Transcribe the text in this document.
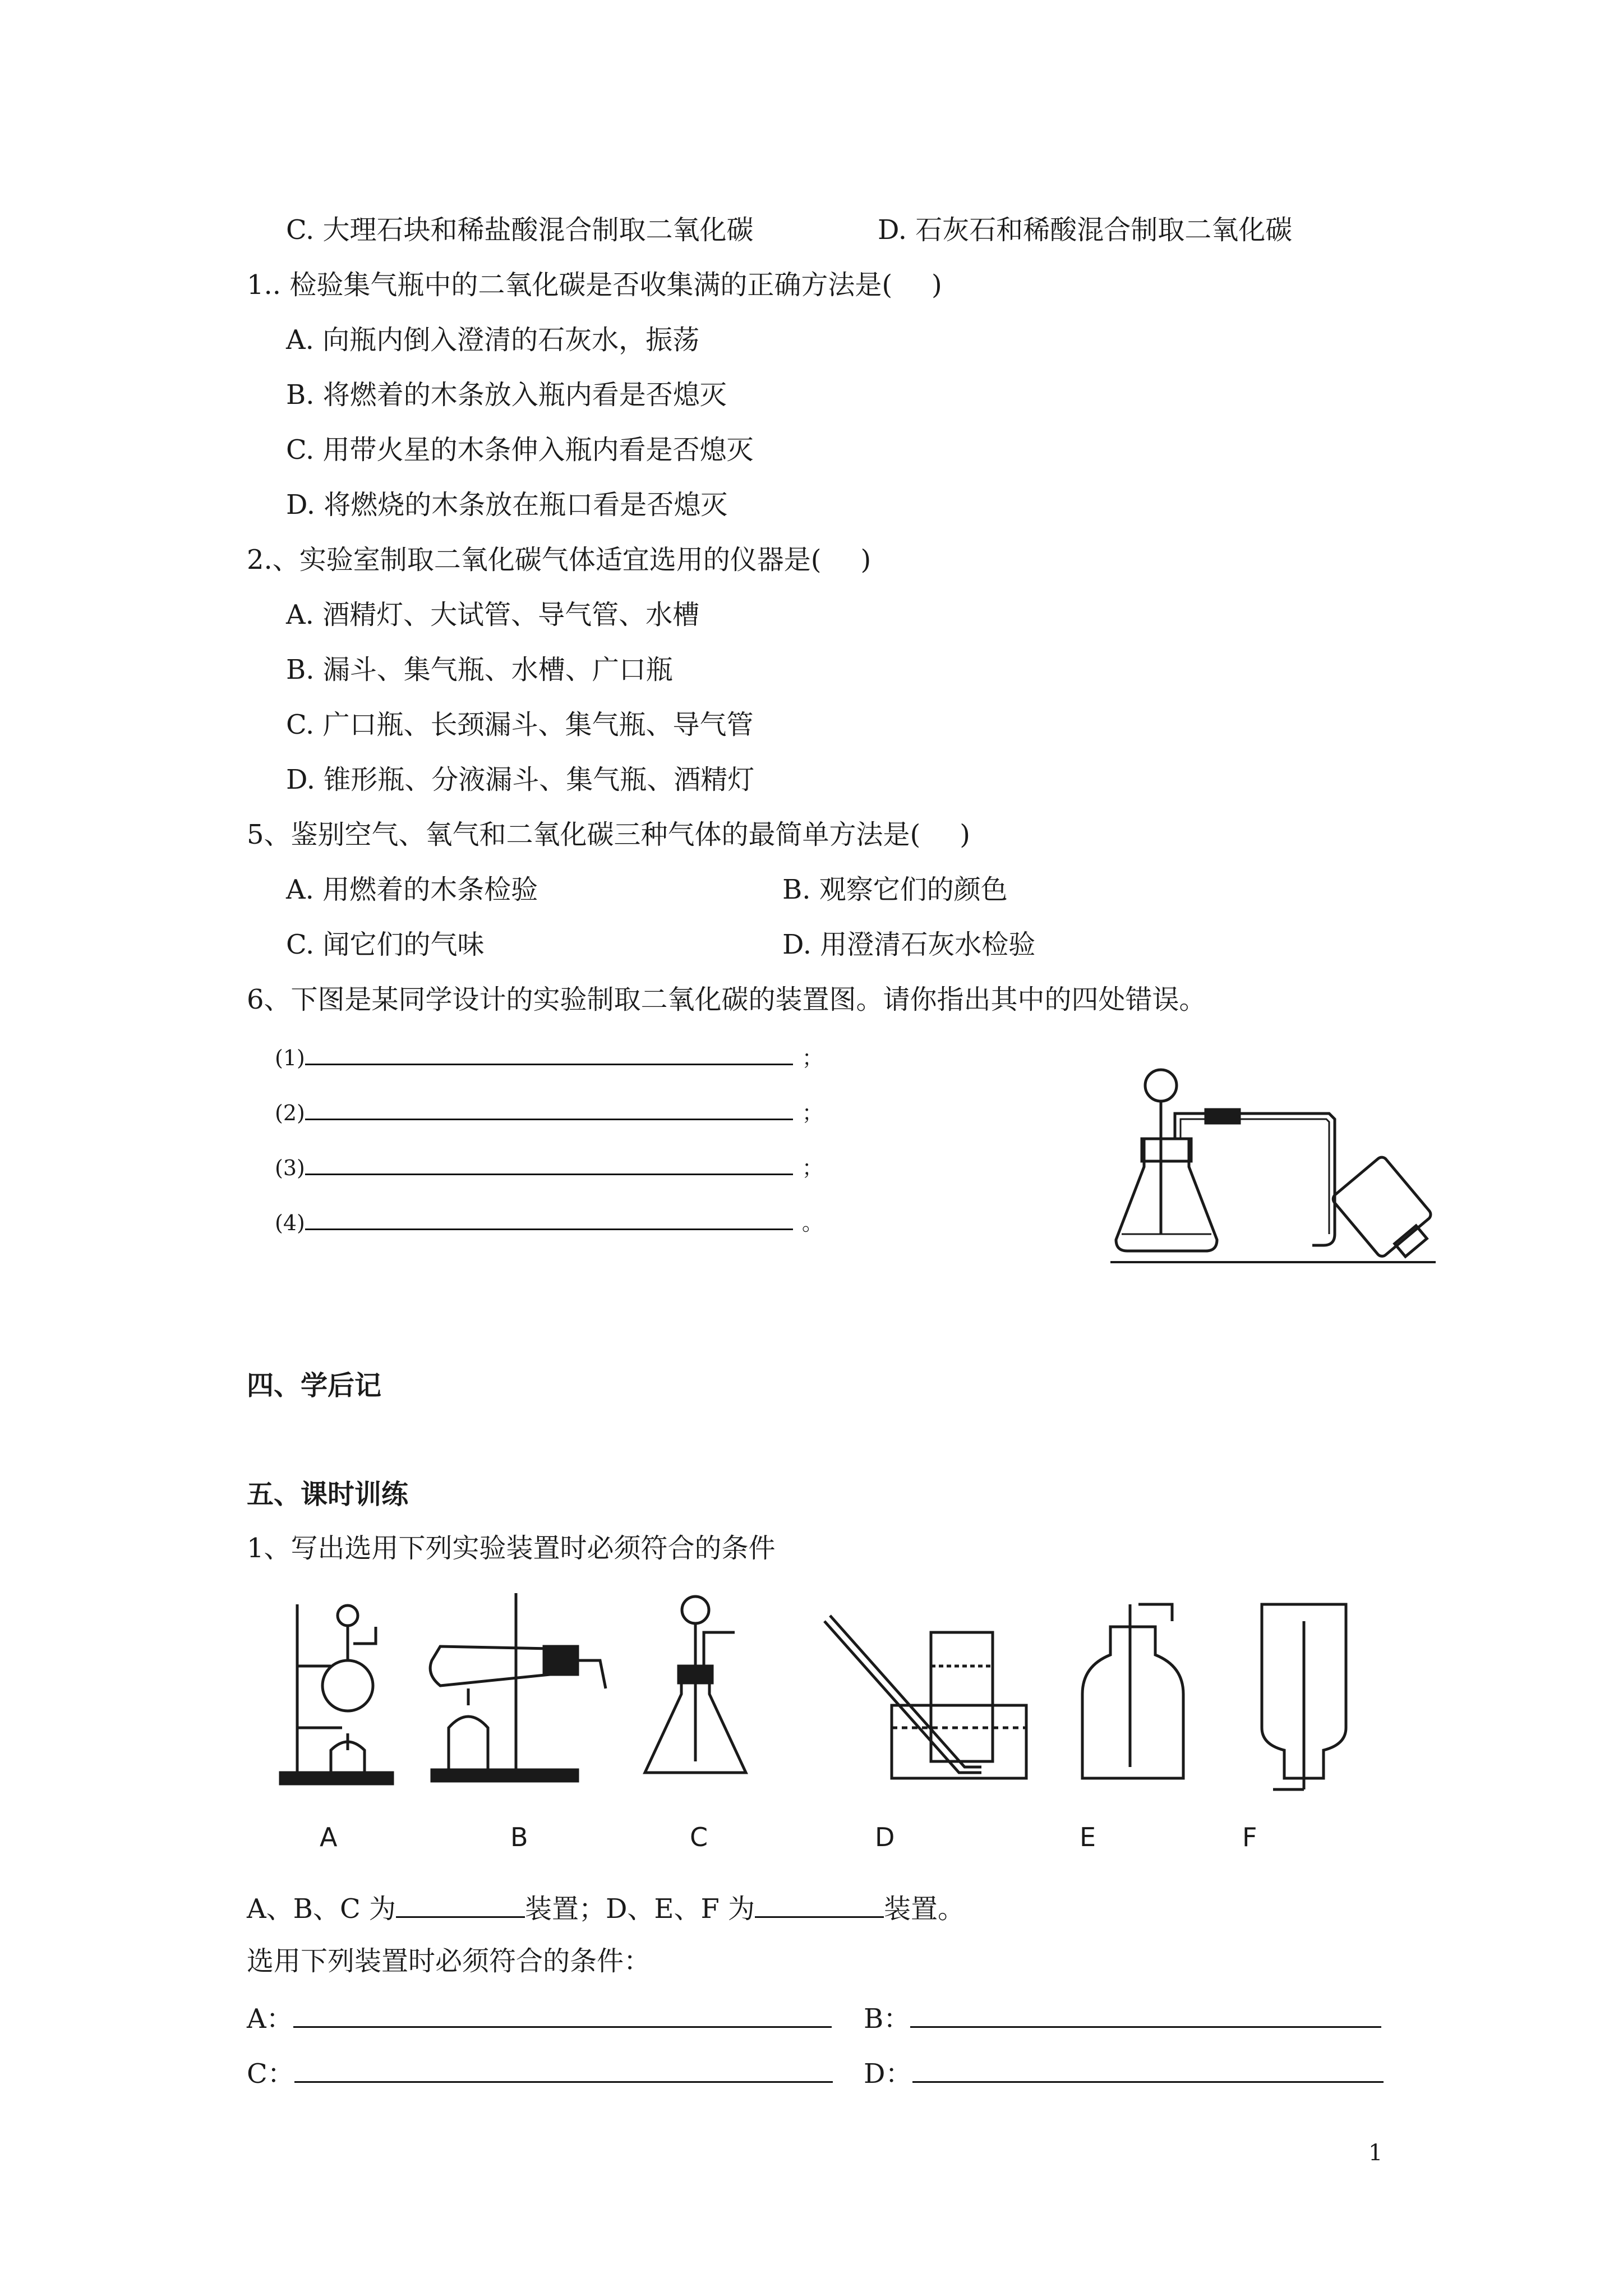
C. 大理石块和稀盐酸混合制取二氧化碳	D. 石灰石和稀酸混合制取二氧化碳
1.. 检验集气瓶中的二氧化碳是否收集满的正确方法是( )
A. 向瓶内倒入澄清的石灰水，振荡
B. 将燃着的木条放入瓶内看是否熄灭
C. 用带火星的木条伸入瓶内看是否熄灭
D. 将燃烧的木条放在瓶口看是否熄灭
2.、实验室制取二氧化碳气体适宜选用的仪器是( )
A. 酒精灯、大试管、导气管、水槽
B. 漏斗、集气瓶、水槽、广口瓶
C. 广口瓶、长颈漏斗、集气瓶、导气管
D. 锥形瓶、分液漏斗、集气瓶、酒精灯
5、鉴别空气、氧气和二氧化碳三种气体的最简单方法是( )
A. 用燃着的木条检验	B. 观察它们的颜色
C. 闻它们的气味	D. 用澄清石灰水检验
6、下图是某同学设计的实验制取二氧化碳的装置图。请你指出其中的四处错误。
(1)	；
(2)	；
(3)	；
(4)	。
四、学后记
五、课时训练
1、写出选用下列实验装置时必须符合的条件
A	B	C	D	E	F
A、B、C 为	装置；D、E、F 为	装置。
选用下列装置时必须符合的条件：
A：	B：
C：	D：
1
